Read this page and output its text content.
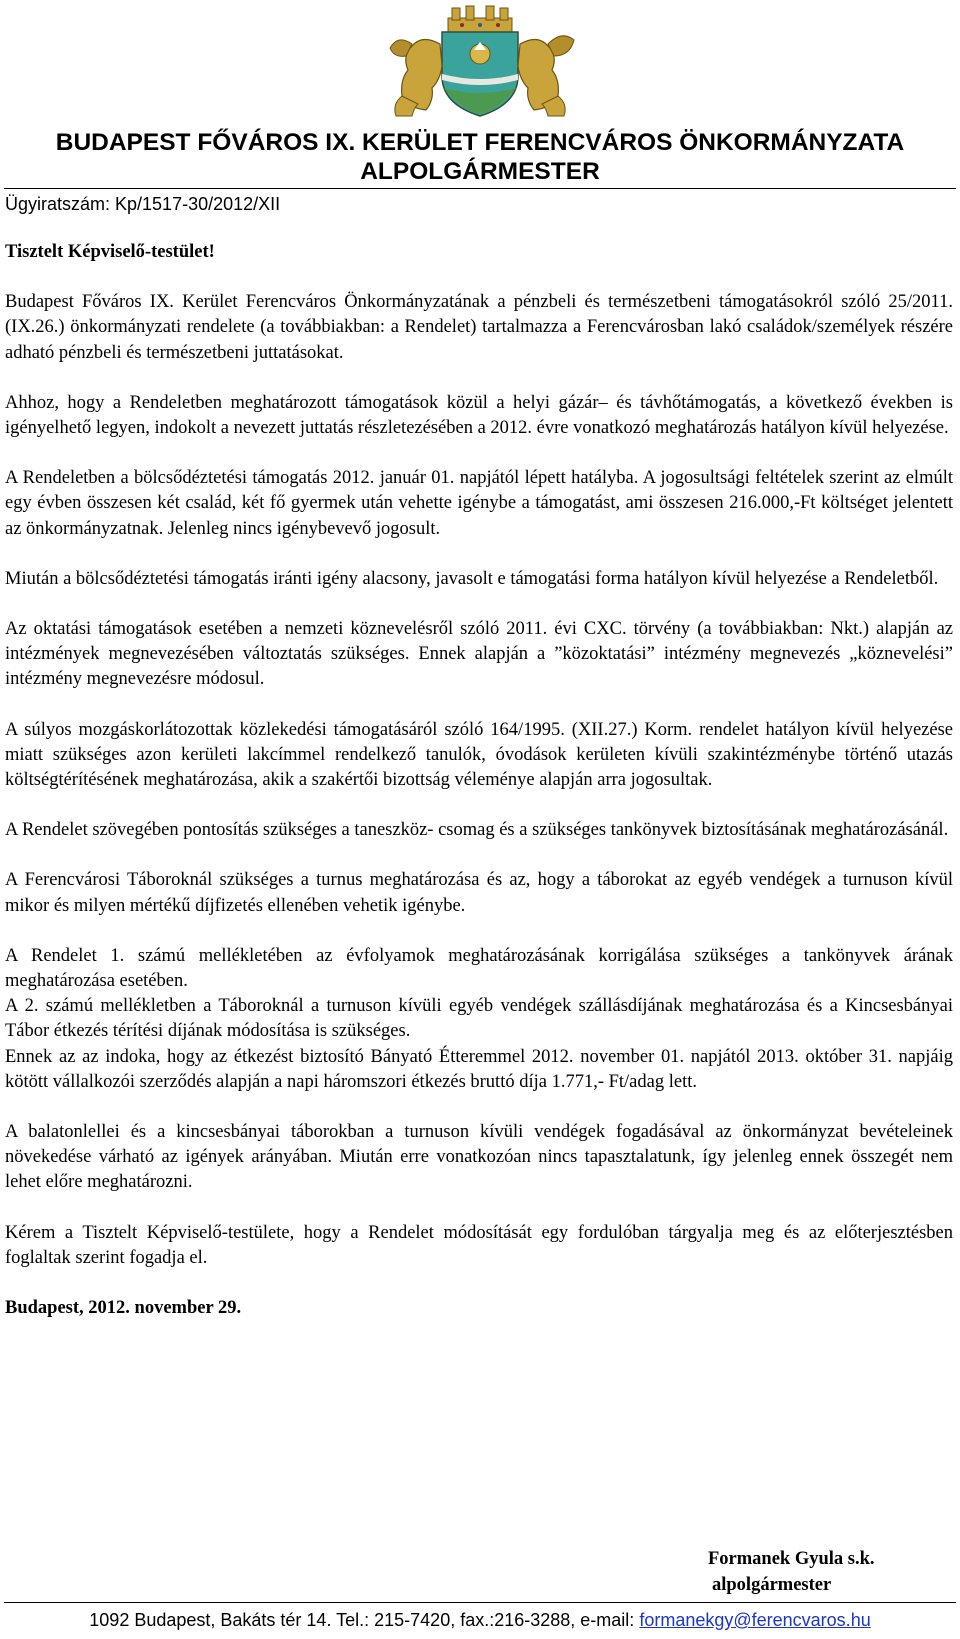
BUDAPEST FŐVÁROS IX. KERÜLET FERENCVÁROS ÖNKORMÁNYZATA
ALPOLGÁRMESTER
Ügyiratszám: Kp/1517-30/2012/XII

Tisztelt Képviselő-testület!

Budapest Főváros IX. Kerület Ferencváros Önkormányzatának a pénzbeli és természetbeni támogatásokról szóló 25/2011. (IX.26.) önkormányzati rendelete (a továbbiakban: a Rendelet) tartalmazza a Ferencvárosban lakó családok/személyek részére adható pénzbeli és természetbeni juttatásokat.

Ahhoz, hogy a Rendeletben meghatározott támogatások közül a helyi gázár– és távhőtámogatás, a következő években is igényelhető legyen, indokolt a nevezett juttatás részletezésében a 2012. évre vonatkozó meghatározás hatályon kívül helyezése.

A Rendeletben a bölcsődéztetési támogatás 2012. január 01. napjától lépett hatályba. A jogosultsági feltételek szerint az elmúlt egy évben összesen két család, két fő gyermek után vehette igénybe a támogatást, ami összesen 216.000,-Ft költséget jelentett az önkormányzatnak. Jelenleg nincs igénybevevő jogosult.

Miután a bölcsődéztetési támogatás iránti igény alacsony, javasolt e támogatási forma hatályon kívül helyezése a Rendeletből.

Az oktatási támogatások esetében a nemzeti köznevelésről szóló 2011. évi CXC. törvény (a továbbiakban: Nkt.) alapján az intézmények megnevezésében változtatás szükséges. Ennek alapján a ”közoktatási” intézmény megnevezés „köznevelési” intézmény megnevezésre módosul.

A súlyos mozgáskorlátozottak közlekedési támogatásáról szóló 164/1995. (XII.27.) Korm. rendelet hatályon kívül helyezése miatt szükséges azon kerületi lakcímmel rendelkező tanulók, óvodások kerületen kívüli szakintézménybe történő utazás költségtérítésének meghatározása, akik a szakértői bizottság véleménye alapján arra jogosultak.

A Rendelet szövegében pontosítás szükséges a taneszköz- csomag és a szükséges tankönyvek biztosításának meghatározásánál.

A Ferencvárosi Táboroknál szükséges a turnus meghatározása és az, hogy a táborokat az egyéb vendégek a turnuson kívül mikor és milyen mértékű díjfizetés ellenében vehetik igénybe.

A Rendelet 1. számú mellékletében az évfolyamok meghatározásának korrigálása szükséges a tankönyvek árának meghatározása esetében.

A 2. számú mellékletben a Táboroknál a turnuson kívüli egyéb vendégek szállásdíjának meghatározása és a Kincsesbányai Tábor étkezés térítési díjának módosítása is szükséges.

Ennek az az indoka, hogy az étkezést biztosító Bányató Étteremmel 2012. november 01. napjától 2013. október 31. napjáig kötött vállalkozói szerződés alapján a napi háromszori étkezés bruttó díja 1.771,- Ft/adag lett.

A balatonlellei és a kincsesbányai táborokban a turnuson kívüli vendégek fogadásával az önkormányzat bevételeinek növekedése várható az igények arányában. Miután erre vonatkozóan nincs tapasztalatunk, így jelenleg ennek összegét nem lehet előre meghatározni.

Kérem a Tisztelt Képviselő-testülete, hogy a Rendelet módosítását egy fordulóban tárgyalja meg és az előterjesztésben foglaltak szerint fogadja el.

Budapest, 2012. november 29.

Formanek Gyula s.k.
alpolgármester
1092 Budapest, Bakáts tér 14. Tel.: 215-7420, fax.:216-3288, e-mail: formanekgy@ferencvaros.hu
